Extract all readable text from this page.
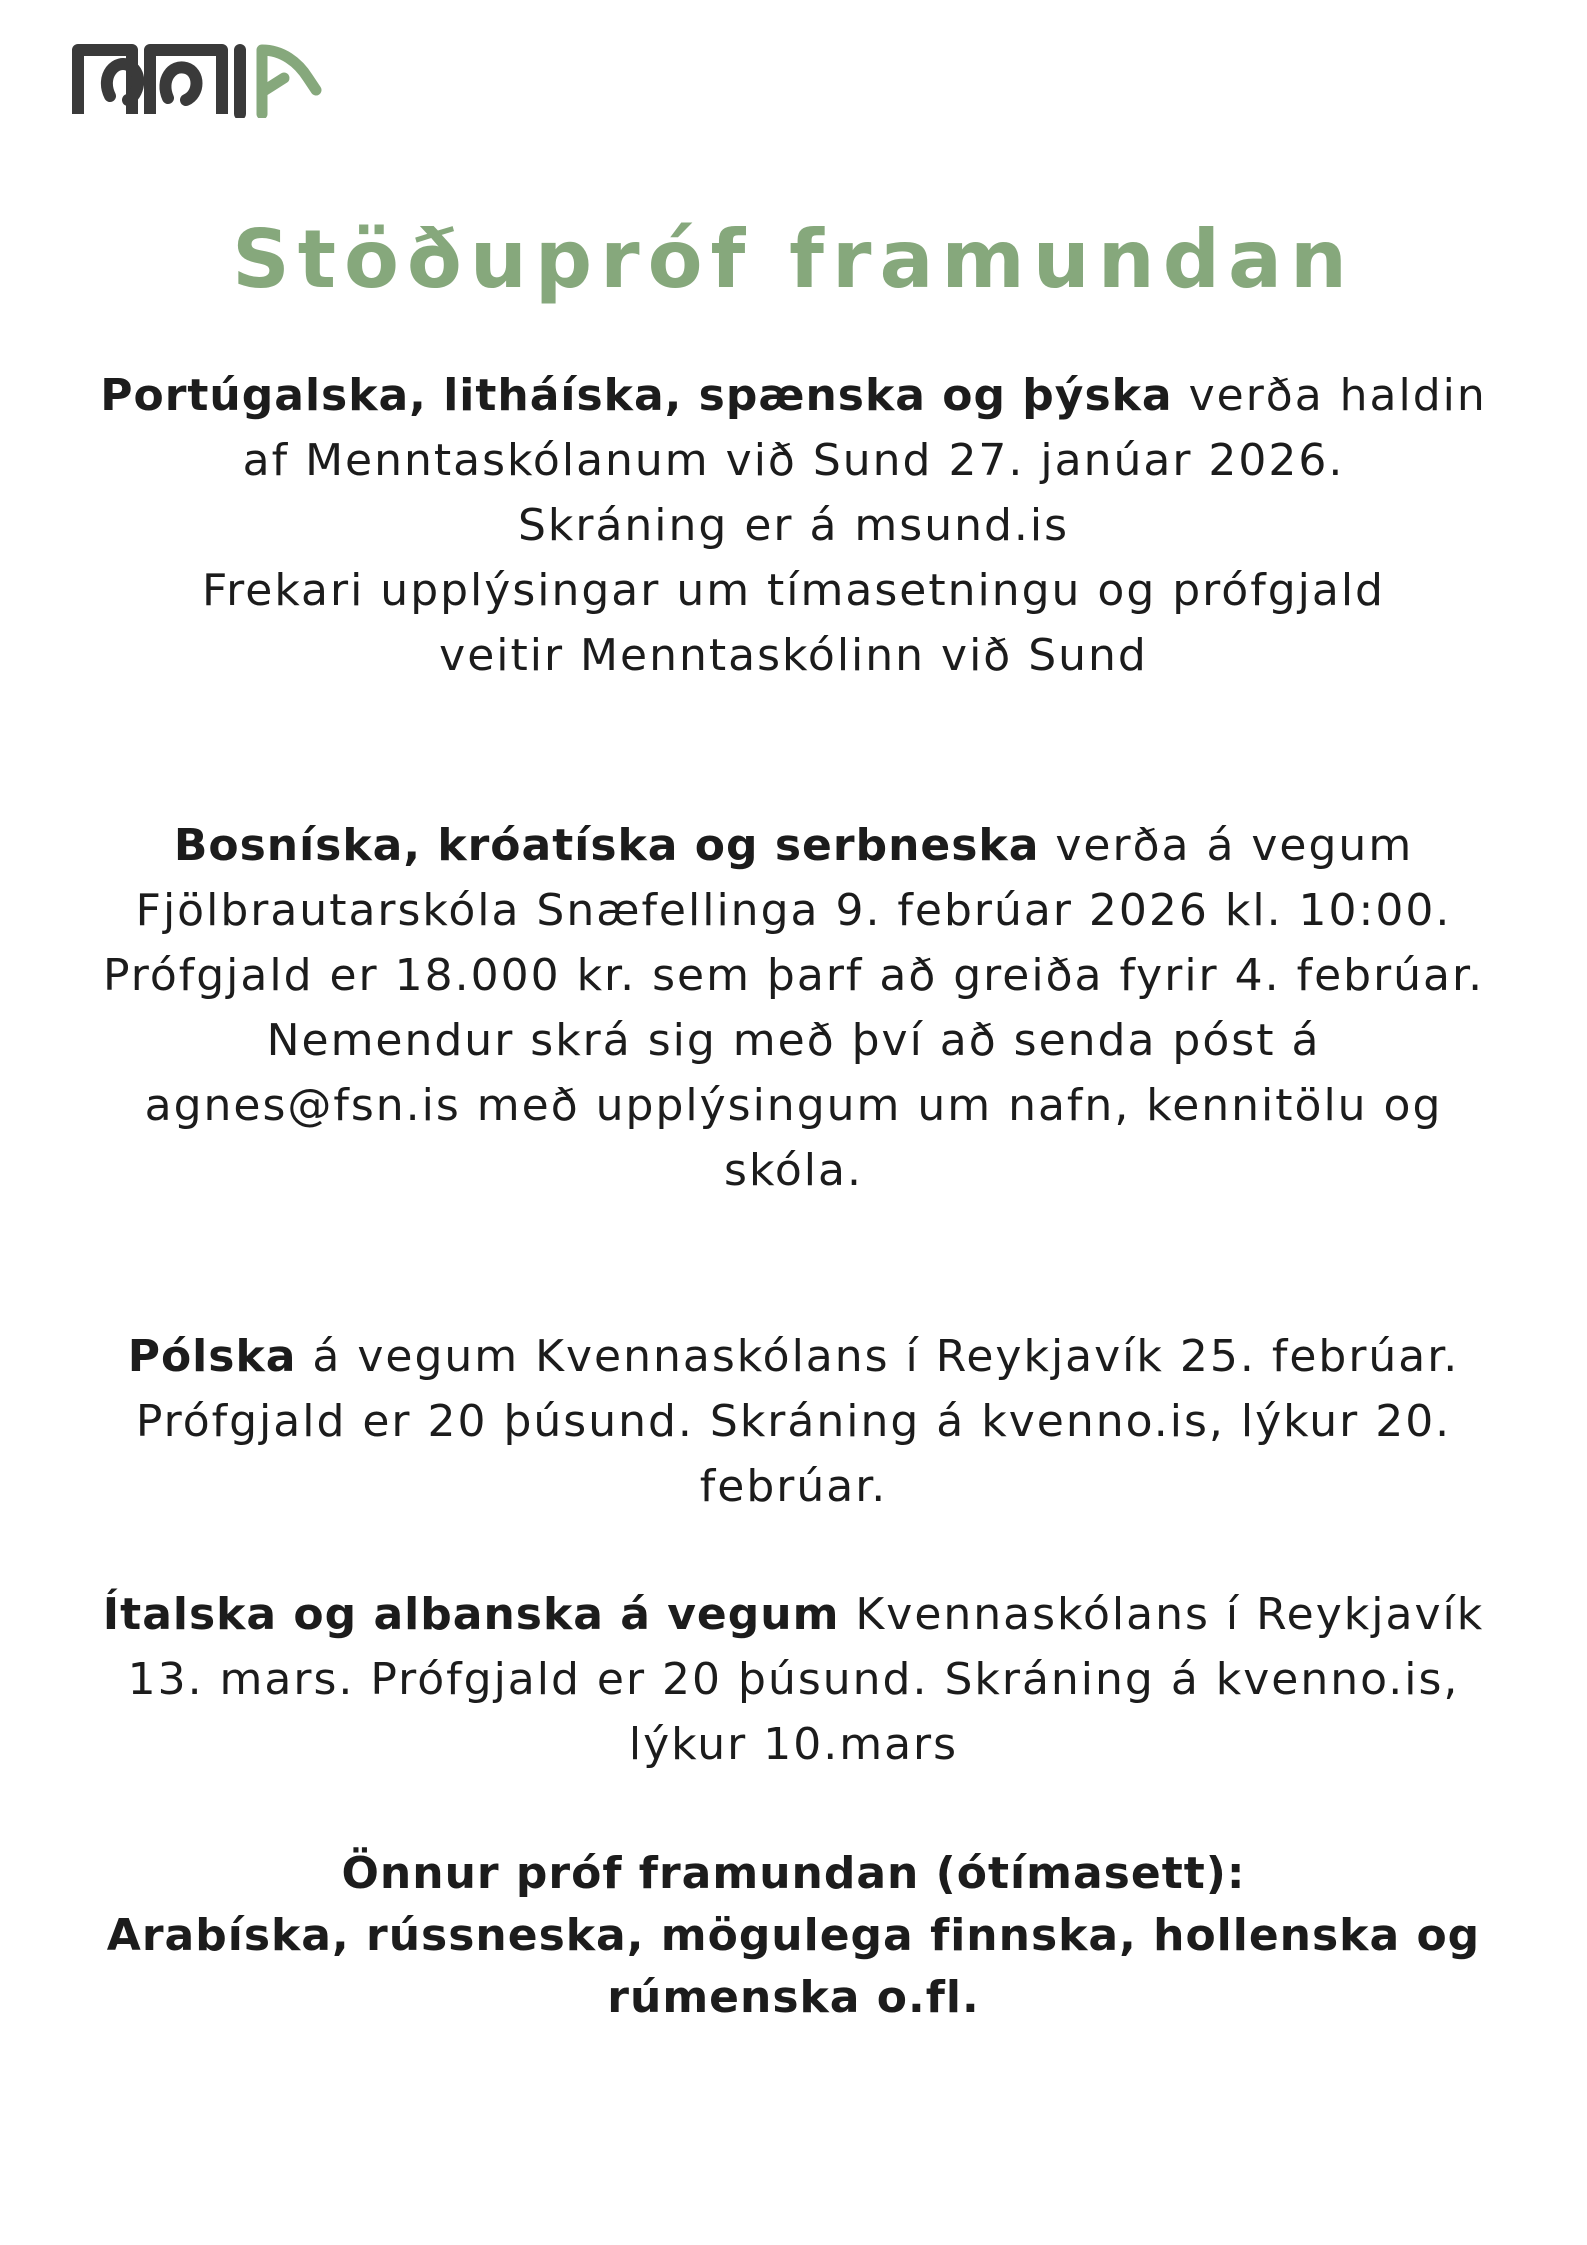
Stöðupróf framundan

Portúgalska, litháíska, spænska og þýska verða haldin af Menntaskólanum við Sund 27. janúar 2026.

Skráning er á msund.is

Frekari upplýsingar um tímasetningu og prófgjald veitir Menntaskólinn við Sund

Bosníska, króatíska og serbneska verða á vegum Fjölbrautarskóla Snæfellinga 9. febrúar 2026 kl. 10:00. Prófgjald er 18.000 kr. sem þarf að greiða fyrir 4. febrúar.

Nemendur skrá sig með því að senda póst á agnes@fsn.is með upplýsingum um nafn, kennitölu og skóla.

Pólska á vegum Kvennaskólans í Reykjavík 25. febrúar. Prófgjald er 20 þúsund. Skráning á kvenno.is, lýkur 20. febrúar.

Ítalska og albanska á vegum Kvennaskólans í Reykjavík 13. mars. Prófgjald er 20 þúsund. Skráning á kvenno.is, lýkur 10.mars

Önnur próf framundan (ótímasett):

Arabíska, rússneska, mögulega finnska, hollenska og rúmenska o.fl.
